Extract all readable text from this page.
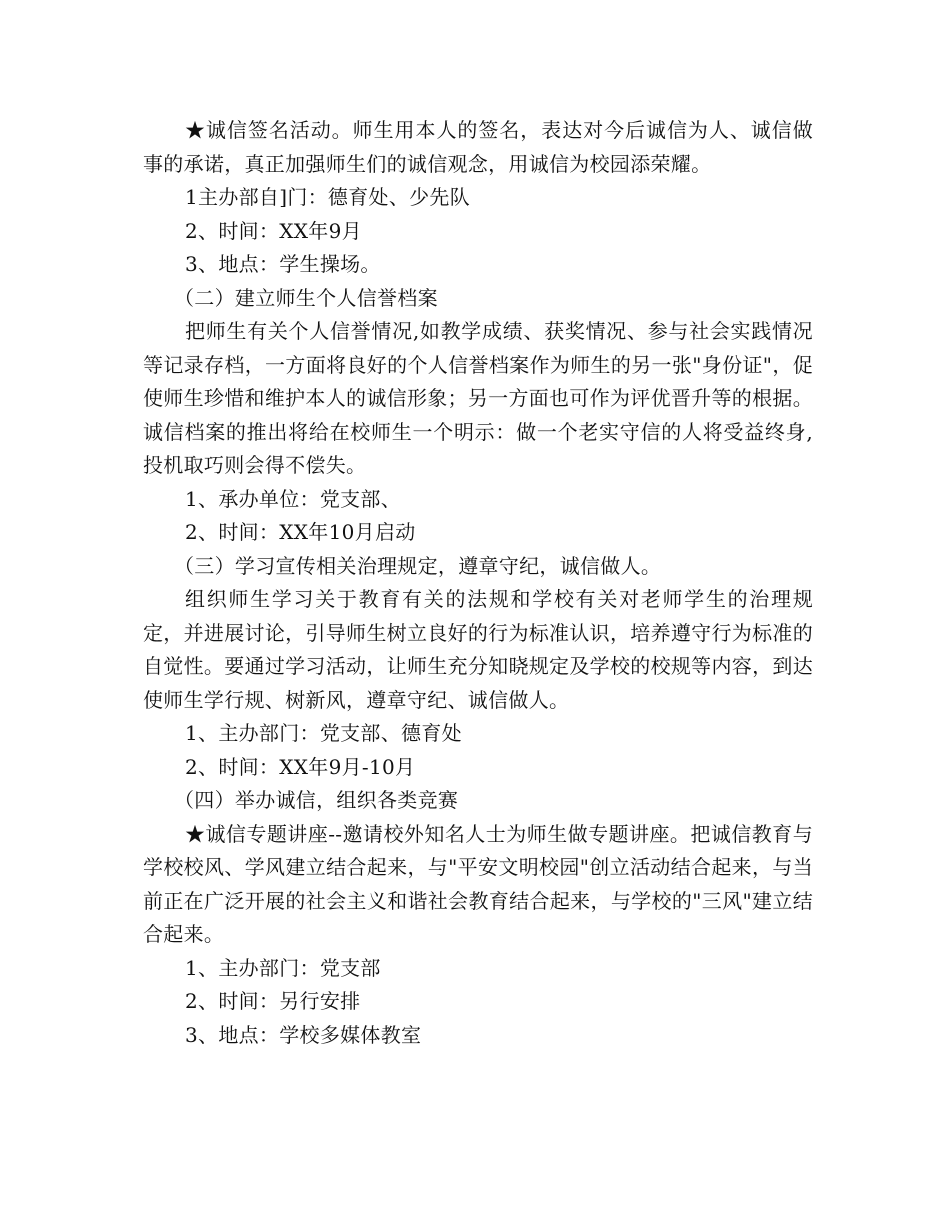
★诚信签名活动。师生用本人的签名，表达对今后诚信为人、诚信做事的承诺，真正加强师生们的诚信观念，用诚信为校园添荣耀。

1主办部自]门：德育处、少先队

2、时间：XX年9月

3、地点：学生操场。

（二）建立师生个人信誉档案

把师生有关个人信誉情况,如教学成绩、获奖情况、参与社会实践情况等记录存档，一方面将良好的个人信誉档案作为师生的另一张"身份证"，促使师生珍惜和维护本人的诚信形象；另一方面也可作为评优晋升等的根据。诚信档案的推出将给在校师生一个明示：做一个老实守信的人将受益终身,投机取巧则会得不偿失。

1、承办单位：党支部、

2、时间：XX年10月启动

（三）学习宣传相关治理规定，遵章守纪，诚信做人。

组织师生学习关于教育有关的法规和学校有关对老师学生的治理规定，并进展讨论，引导师生树立良好的行为标准认识，培养遵守行为标准的自觉性。要通过学习活动，让师生充分知晓规定及学校的校规等内容，到达使师生学行规、树新风，遵章守纪、诚信做人。

1、主办部门：党支部、德育处

2、时间：XX年9月-10月

（四）举办诚信，组织各类竞赛

★诚信专题讲座--邀请校外知名人士为师生做专题讲座。把诚信教育与学校校风、学风建立结合起来，与"平安文明校园"创立活动结合起来，与当前正在广泛开展的社会主义和谐社会教育结合起来，与学校的"三风"建立结合起来。

1、主办部门：党支部

2、时间：另行安排

3、地点：学校多媒体教室
